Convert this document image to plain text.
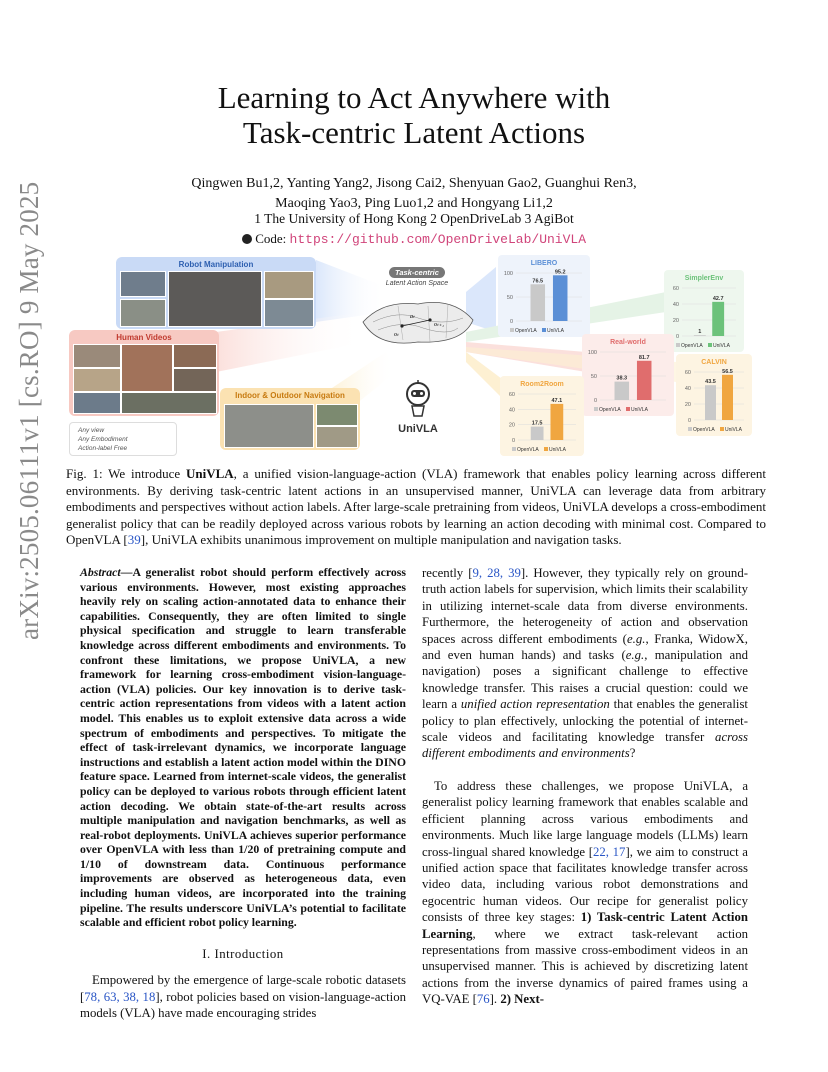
arXiv:2505.06111v1 [cs.RO] 9 May 2025
Learning to Act Anywhere with
Task-centric Latent Actions
Qingwen Bu1,2, Yanting Yang2, Jisong Cai2, Shenyuan Gao2, Guanghui Ren3,
Maoqing Yao3, Ping Luo1,2 and Hongyang Li1,2
1 The University of Hong Kong 2 OpenDriveLab 3 AgiBot
Code: https://github.com/OpenDriveLab/UniVLA
Robot Manipulation
Human Videos
Indoor & Outdoor Navigation
Any view
Any Embodiment
Action-label Free
Task-centric
Latent Action Space
aₜ
oₜ
oₜ₊₁
UniVLA
LIBERO
0
50
100
76.5
95.2
OpenVLA UniVLA
SimplerEnv
0
20
40
60
1
42.7
OpenVLA UniVLA
Real-world
0
50
100
38.3
81.7
OpenVLA UniVLA
Room2Room
0
20
40
60
17.5
47.1
OpenVLA UniVLA
CALVIN
0
20
40
60
43.5
56.5
OpenVLA UniVLA
Fig. 1: We introduce UniVLA, a unified vision-language-action (VLA) framework that enables policy learning across different environments. By deriving task-centric latent actions in an unsupervised manner, UniVLA can leverage data from arbitrary embodiments and perspectives without action labels. After large-scale pretraining from videos, UniVLA develops a cross-embodiment generalist policy that can be readily deployed across various robots by learning an action decoding with minimal cost. Compared to OpenVLA [39], UniVLA exhibits unanimous improvement on multiple manipulation and navigation tasks.

Abstract—A generalist robot should perform effectively across various environments. However, most existing approaches heavily rely on scaling action-annotated data to enhance their capabilities. Consequently, they are often limited to single physical specification and struggle to learn transferable knowledge across different embodiments and environments. To confront these limitations, we propose UniVLA, a new framework for learning cross-embodiment vision-language-action (VLA) policies. Our key innovation is to derive task-centric action representations from videos with a latent action model. This enables us to exploit extensive data across a wide spectrum of embodiments and perspectives. To mitigate the effect of task-irrelevant dynamics, we incorporate language instructions and establish a latent action model within the DINO feature space. Learned from internet-scale videos, the generalist policy can be deployed to various robots through efficient latent action decoding. We obtain state-of-the-art results across multiple manipulation and navigation benchmarks, as well as real-robot deployments. UniVLA achieves superior performance over OpenVLA with less than 1/20 of pretraining compute and 1/10 of downstream data. Continuous performance improvements are observed as heterogeneous data, even including human videos, are incorporated into the training pipeline. The results underscore UniVLA’s potential to facilitate scalable and efficient robot policy learning.

I. Introduction

Empowered by the emergence of large-scale robotic datasets [78, 63, 38, 18], robot policies based on vision-language-action models (VLA) have made encouraging strides

recently [9, 28, 39]. However, they typically rely on ground-truth action labels for supervision, which limits their scalability in utilizing internet-scale data from diverse environments. Furthermore, the heterogeneity of action and observation spaces across different embodiments (e.g., Franka, WidowX, and even human hands) and tasks (e.g., manipulation and navigation) poses a significant challenge to effective knowledge transfer. This raises a crucial question: could we learn a unified action representation that enables the generalist policy to plan effectively, unlocking the potential of internet-scale videos and facilitating knowledge transfer across different embodiments and environments?

To address these challenges, we propose UniVLA, a generalist policy learning framework that enables scalable and efficient planning across various embodiments and environments. Much like large language models (LLMs) learn cross-lingual shared knowledge [22, 17], we aim to construct a unified action space that facilitates knowledge transfer across video data, including various robot demonstrations and egocentric human videos. Our recipe for generalist policy consists of three key stages: 1) Task-centric Latent Action Learning, where we extract task-relevant action representations from massive cross-embodiment videos in an unsupervised manner. This is achieved by discretizing latent actions from the inverse dynamics of paired frames using a VQ-VAE [76]. 2) Next-
